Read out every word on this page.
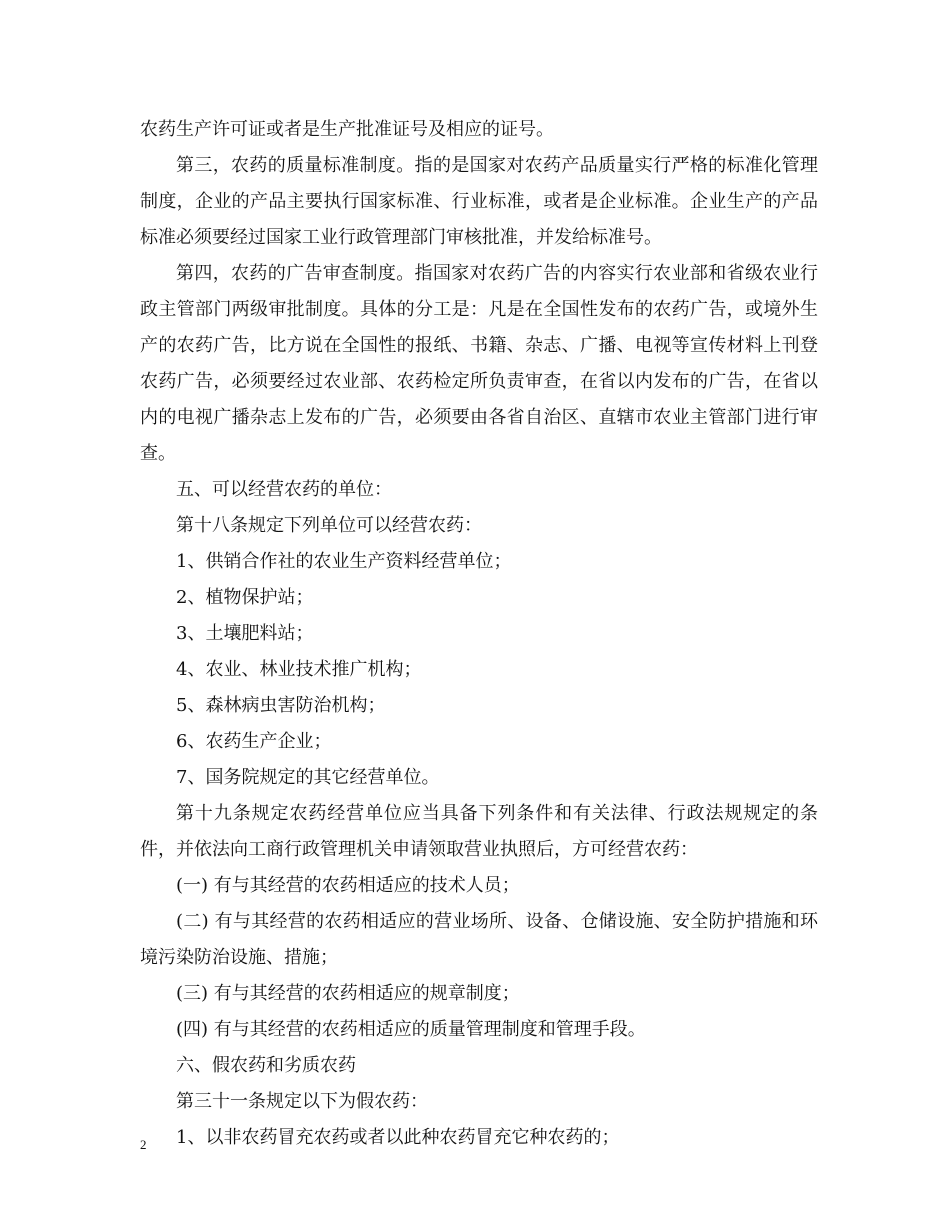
农药生产许可证或者是生产批准证号及相应的证号。

第三，农药的质量标准制度。指的是国家对农药产品质量实行严格的标准化管理制度，企业的产品主要执行国家标准、行业标准，或者是企业标准。企业生产的产品标准必须要经过国家工业行政管理部门审核批准，并发给标准号。

第四，农药的广告审查制度。指国家对农药广告的内容实行农业部和省级农业行政主管部门两级审批制度。具体的分工是：凡是在全国性发布的农药广告，或境外生产的农药广告，比方说在全国性的报纸、书籍、杂志、广播、电视等宣传材料上刊登农药广告，必须要经过农业部、农药检定所负责审查，在省以内发布的广告，在省以内的电视广播杂志上发布的广告，必须要由各省自治区、直辖市农业主管部门进行审查。

五、可以经营农药的单位：

第十八条规定下列单位可以经营农药：

1、供销合作社的农业生产资料经营单位；

2、植物保护站；

3、土壤肥料站；

4、农业、林业技术推广机构；

5、森林病虫害防治机构；

6、农药生产企业；

7、国务院规定的其它经营单位。

第十九条规定农药经营单位应当具备下列条件和有关法律、行政法规规定的条件，并依法向工商行政管理机关申请领取营业执照后，方可经营农药：

(一) 有与其经营的农药相适应的技术人员；

(二) 有与其经营的农药相适应的营业场所、设备、仓储设施、安全防护措施和环境污染防治设施、措施；

(三) 有与其经营的农药相适应的规章制度；

(四) 有与其经营的农药相适应的质量管理制度和管理手段。

六、假农药和劣质农药

第三十一条规定以下为假农药：

1、以非农药冒充农药或者以此种农药冒充它种农药的；

2
